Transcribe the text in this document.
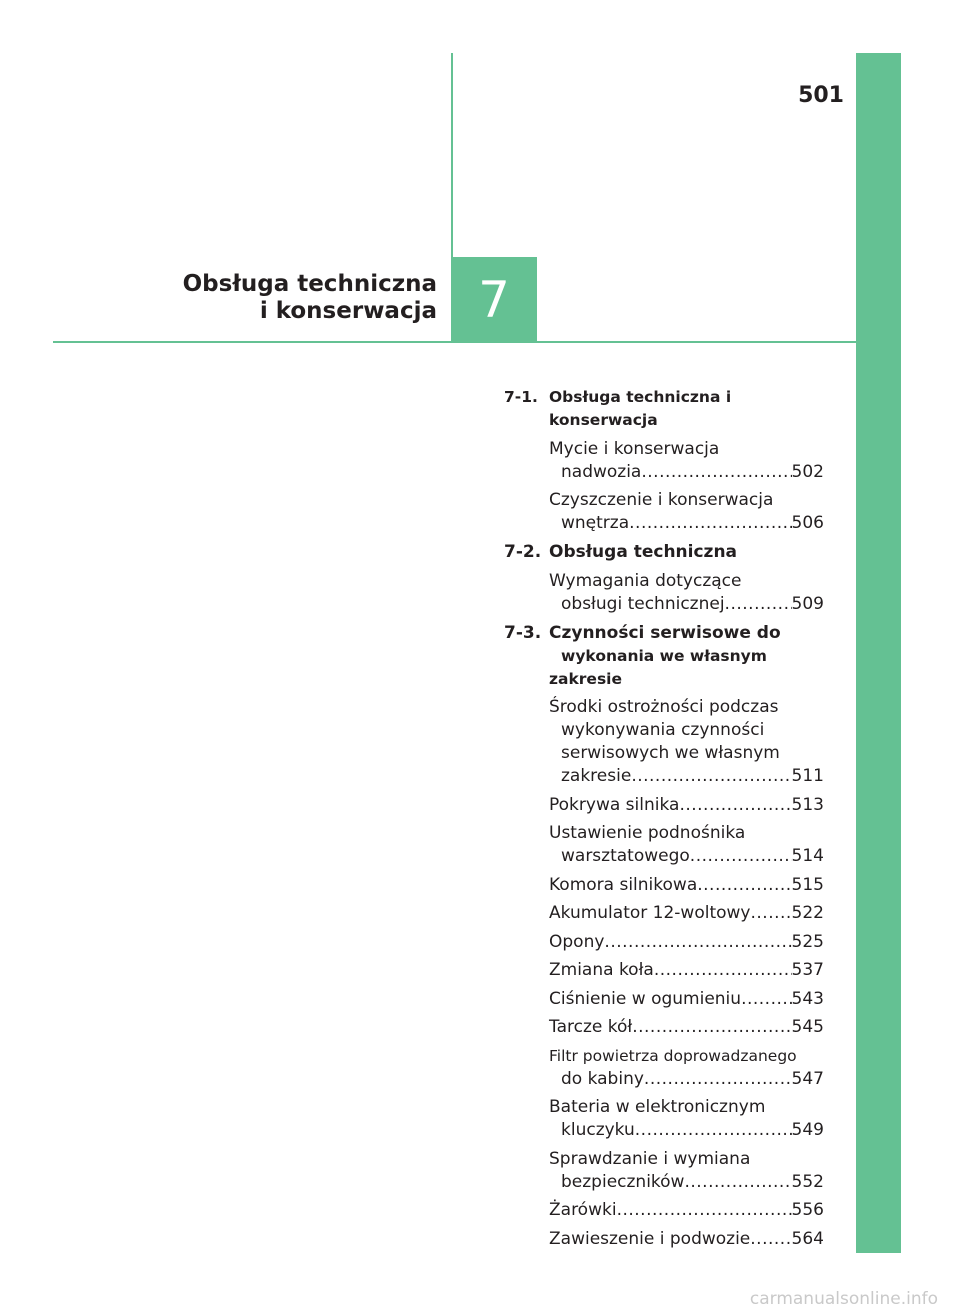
501
7
Obsługa techniczna
i konserwacja
7-1. Obsługa techniczna i konserwacja
Mycie i konserwacja
nadwozia .....	502
Czyszczenie i konserwacja
wnętrza .....	506
7-2. Obsługa techniczna
Wymagania dotyczące
obsługi technicznej .....	509
7-3. Czynności serwisowe do
wykonania we własnym zakresie
Środki ostrożności podczas
wykonywania czynności
serwisowych we własnym
zakresie .....	511
Pokrywa silnika .....	513
Ustawienie podnośnika
warsztatowego .....	514
Komora silnikowa .....	515
Akumulator 12-woltowy ..... 522
Opony .....	525
Zmiana koła .....	537
Ciśnienie w ogumieniu .....	543
Tarcze kół .....	545
Filtr powietrza doprowadzanego
do kabiny .....	547
Bateria w elektronicznym
kluczyku .....	549
Sprawdzanie i wymiana
bezpieczników .....	552
Żarówki .....	556
Zawieszenie i podwozie ..... 564
carmanualsonline.info
